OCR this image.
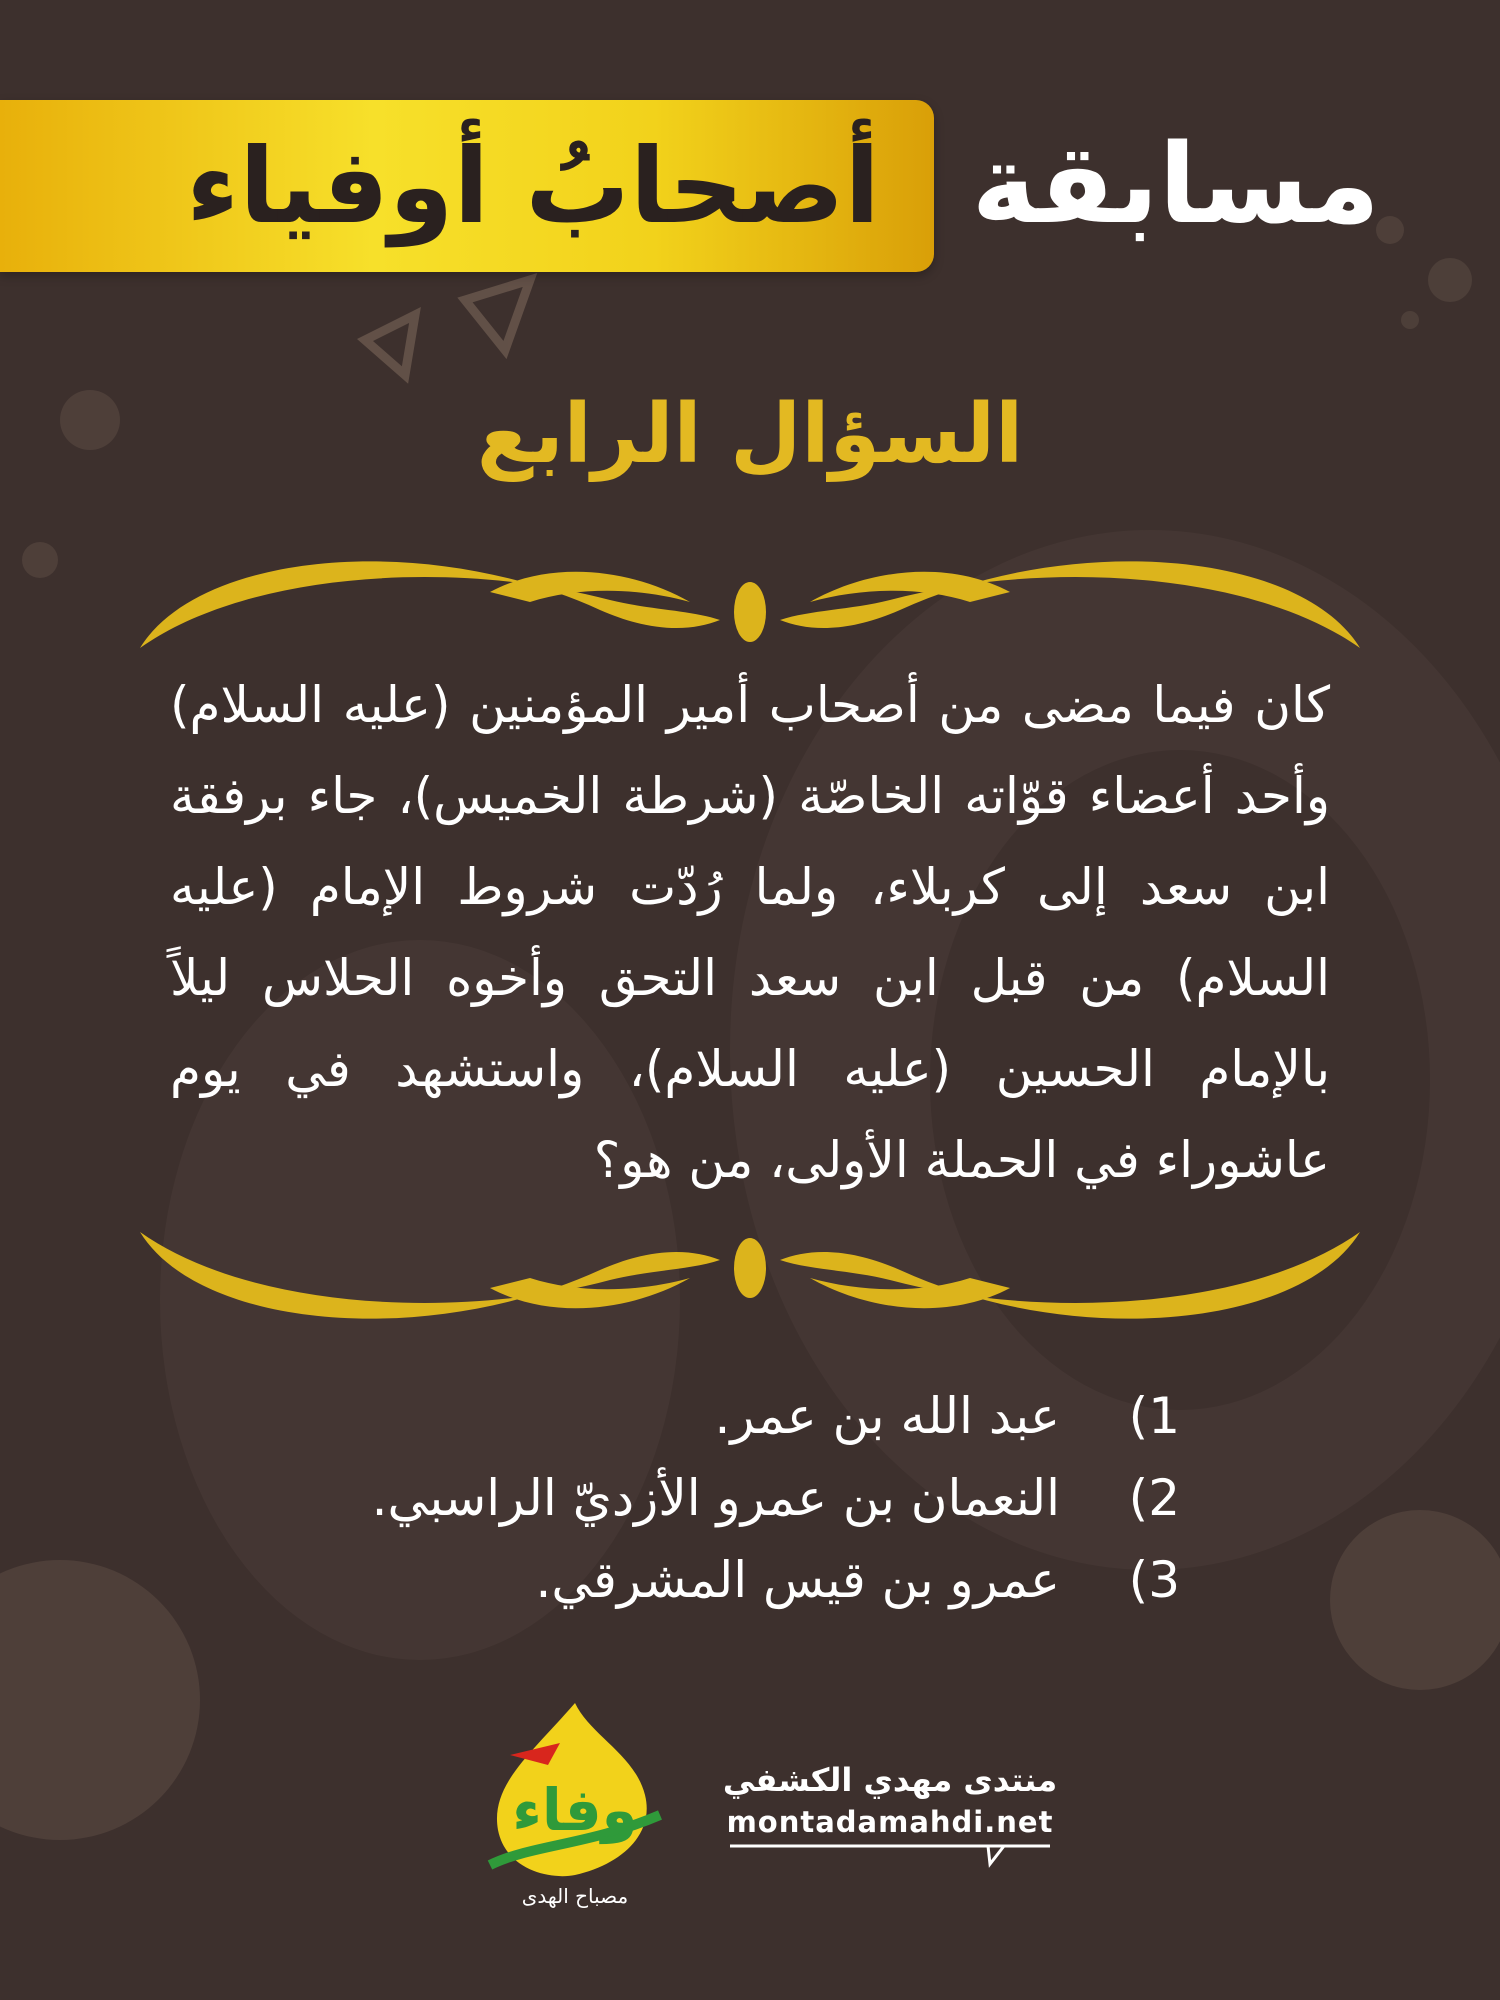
أصحابُ أوفياء مسابقة
السؤال الرابع
كان فيما مضى من أصحاب أمير المؤمنين (عليه السلام) وأحد أعضاء قوّاته الخاصّة (شرطة الخميس)، جاء برفقة ابن سعد إلى كربلاء، ولما رُدّت شروط الإمام (عليه السلام) من قبل ابن سعد التحق وأخوه الحلاس ليلاً بالإمام الحسين (عليه السلام)، واستشهد في يوم عاشوراء في الحملة الأولى، من هو؟
1)
عبد الله بن عمر.
2)
النعمان بن عمرو الأزديّ الراسبي.
3)
عمرو بن قيس المشرقي.
وفاء
مصباح الهدى
منتدى مهدي الكشفي
montadamahdi.net
